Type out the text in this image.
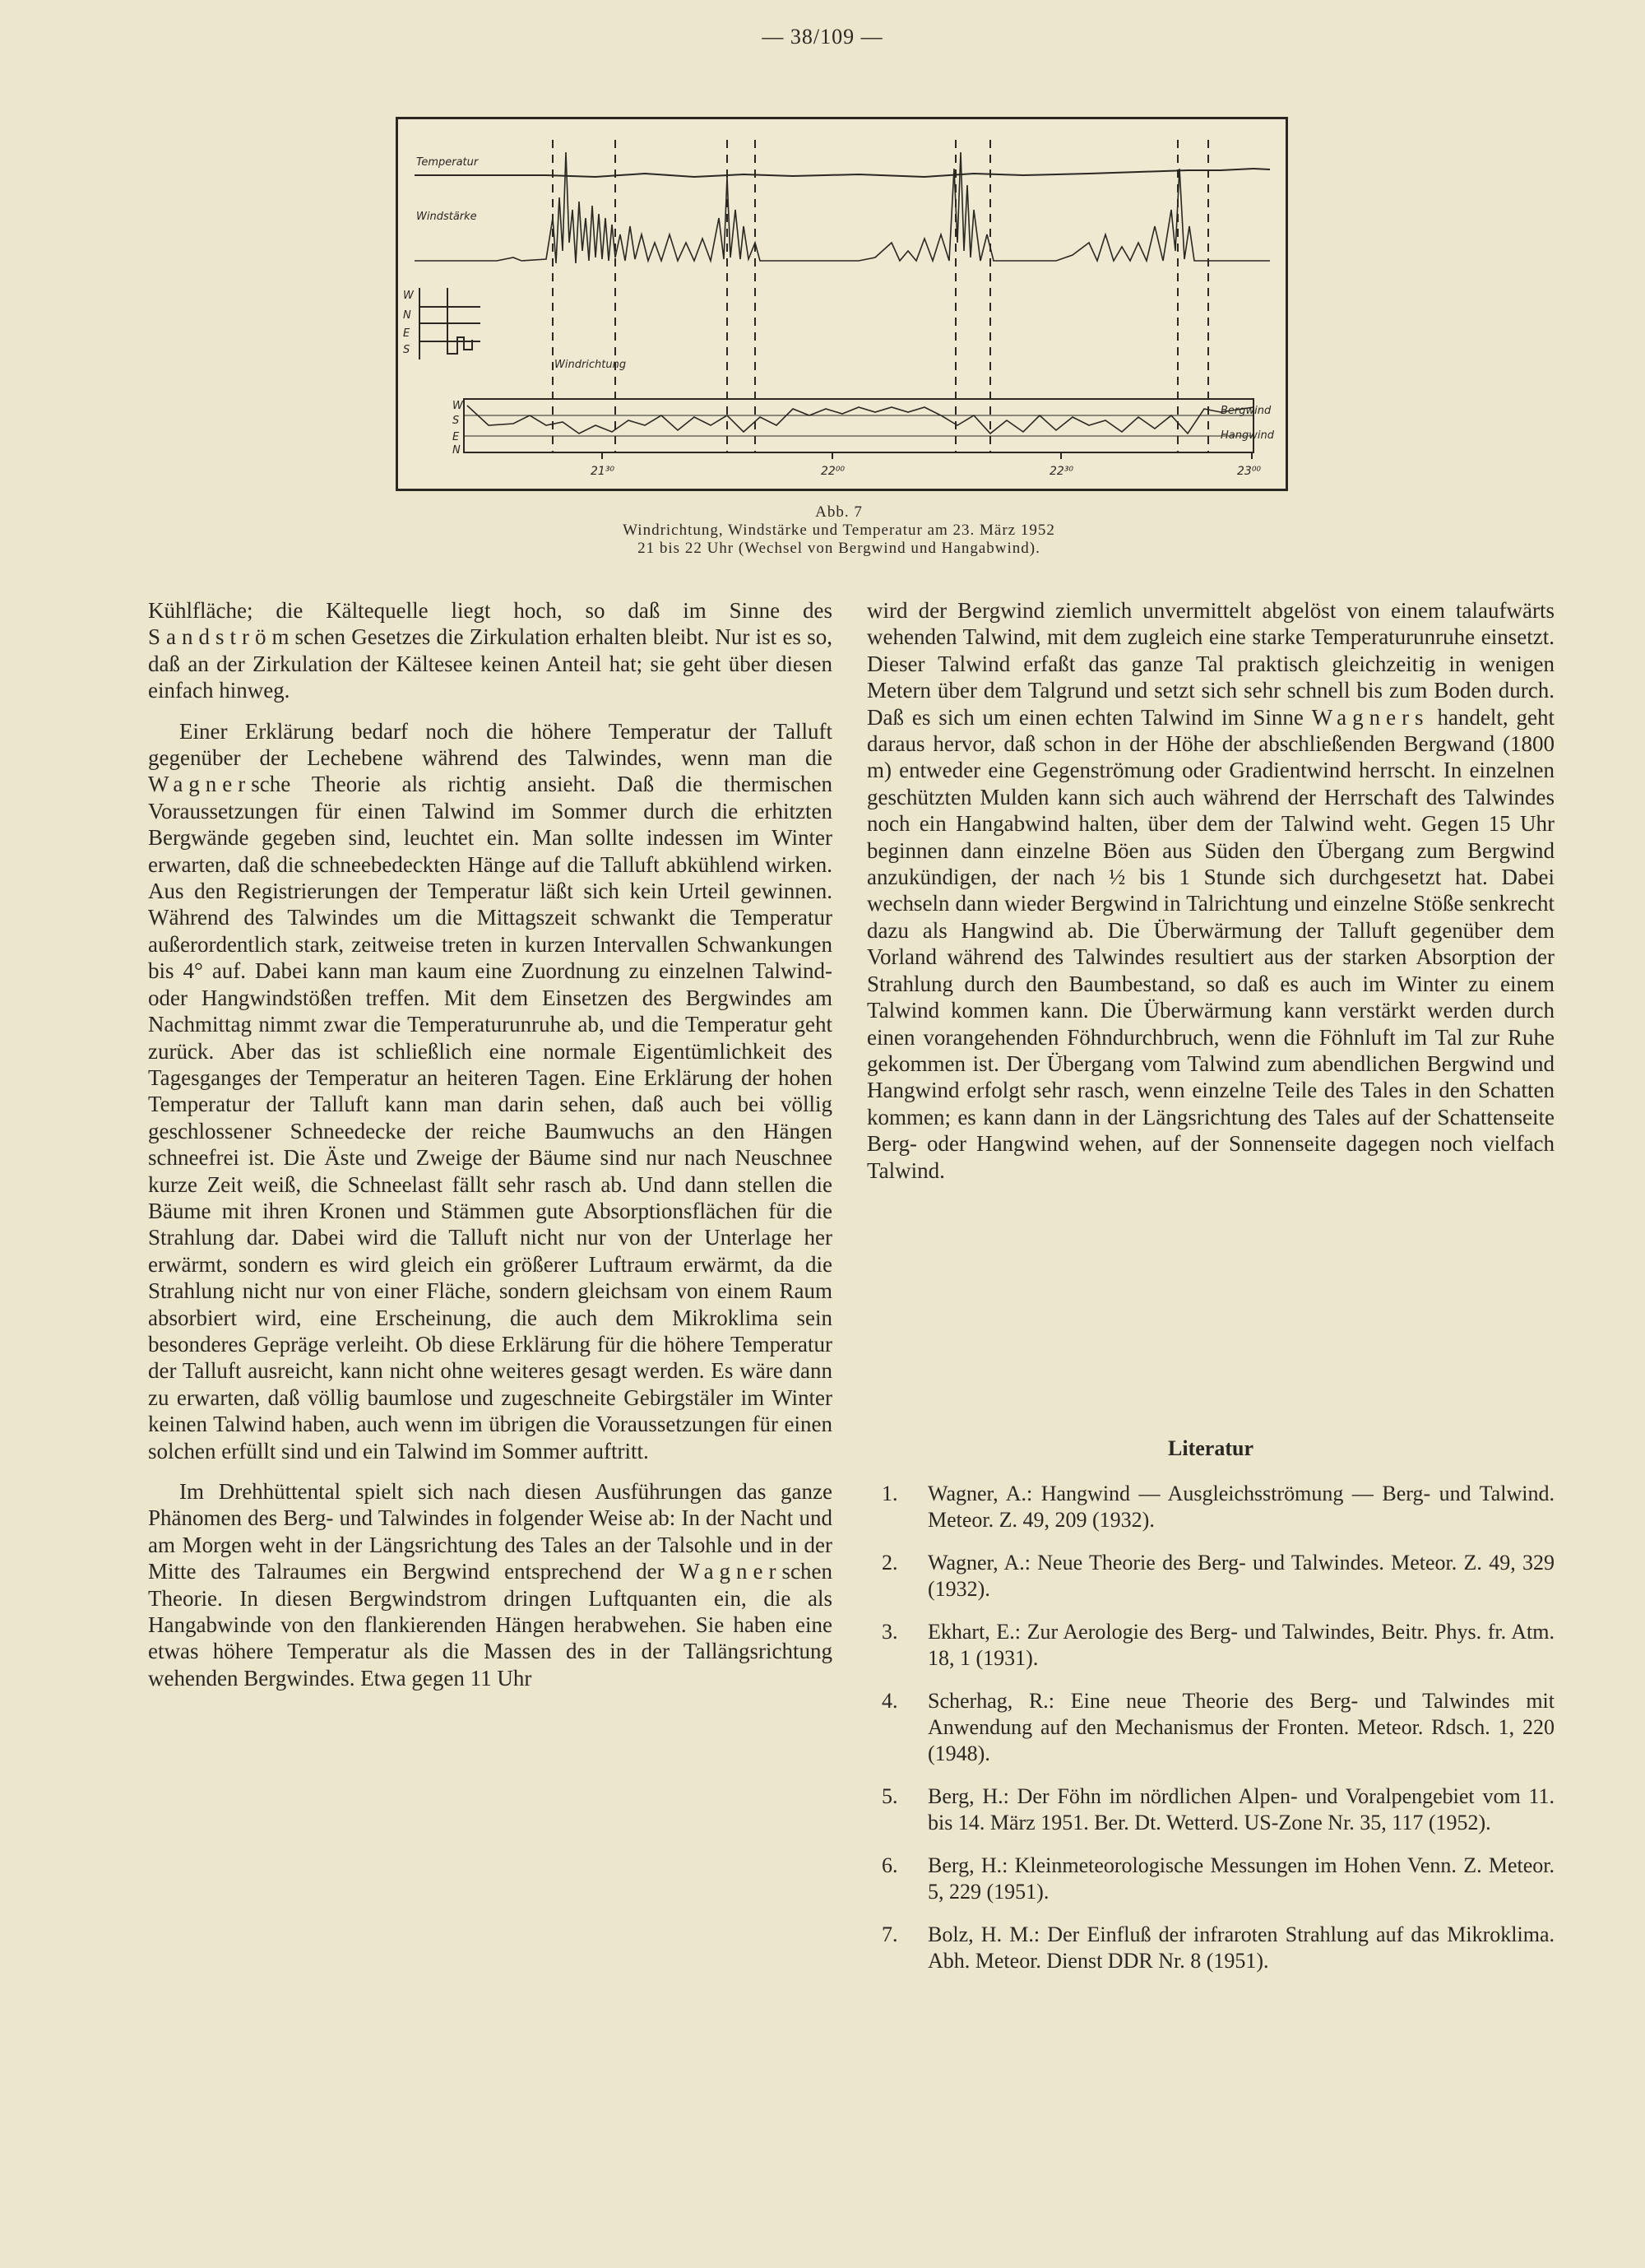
— 38/109 —
Temperatur
Windstärke
Windrichtung
W
N
E
S
W
S
E
N
Bergwind
Hangwind
21³⁰	22⁰⁰	22³⁰	23⁰⁰
Abb. 7
Windrichtung, Windstärke und Temperatur am 23. März 1952
21 bis 22 Uhr (Wechsel von Bergwind und Hangabwind).

Kühlfläche; die Kältequelle liegt hoch, so daß im Sinne des Sandströmschen Gesetzes die Zirkulation erhalten bleibt. Nur ist es so, daß an der Zirkulation der Kältesee keinen Anteil hat; sie geht über diesen einfach hinweg.

Einer Erklärung bedarf noch die höhere Temperatur der Talluft gegenüber der Lechebene während des Talwindes, wenn man die Wagnersche Theorie als richtig ansieht. Daß die thermischen Voraussetzungen für einen Talwind im Sommer durch die erhitzten Bergwände gegeben sind, leuchtet ein. Man sollte indessen im Winter erwarten, daß die schneebedeckten Hänge auf die Talluft abkühlend wirken. Aus den Registrierungen der Temperatur läßt sich kein Urteil gewinnen. Während des Talwindes um die Mittagszeit schwankt die Temperatur außerordentlich stark, zeitweise treten in kurzen Intervallen Schwankungen bis 4° auf. Dabei kann man kaum eine Zuordnung zu einzelnen Talwind- oder Hangwindstößen treffen. Mit dem Einsetzen des Bergwindes am Nachmittag nimmt zwar die Temperaturunruhe ab, und die Temperatur geht zurück. Aber das ist schließlich eine normale Eigentümlichkeit des Tagesganges der Temperatur an heiteren Tagen. Eine Erklärung der hohen Temperatur der Talluft kann man darin sehen, daß auch bei völlig geschlossener Schneedecke der reiche Baumwuchs an den Hängen schneefrei ist. Die Äste und Zweige der Bäume sind nur nach Neuschnee kurze Zeit weiß, die Schneelast fällt sehr rasch ab. Und dann stellen die Bäume mit ihren Kronen und Stämmen gute Absorptionsflächen für die Strahlung dar. Dabei wird die Talluft nicht nur von der Unterlage her erwärmt, sondern es wird gleich ein größerer Luftraum erwärmt, da die Strahlung nicht nur von einer Fläche, sondern gleichsam von einem Raum absorbiert wird, eine Erscheinung, die auch dem Mikroklima sein besonderes Gepräge verleiht. Ob diese Erklärung für die höhere Temperatur der Talluft ausreicht, kann nicht ohne weiteres gesagt werden. Es wäre dann zu erwarten, daß völlig baumlose und zugeschneite Gebirgstäler im Winter keinen Talwind haben, auch wenn im übrigen die Voraussetzungen für einen solchen erfüllt sind und ein Talwind im Sommer auftritt.

Im Drehhüttental spielt sich nach diesen Ausführungen das ganze Phänomen des Berg- und Talwindes in folgender Weise ab: In der Nacht und am Morgen weht in der Längsrichtung des Tales an der Talsohle und in der Mitte des Talraumes ein Bergwind entsprechend der Wagnerschen Theorie. In diesen Bergwindstrom dringen Luftquanten ein, die als Hangabwinde von den flankierenden Hängen herabwehen. Sie haben eine etwas höhere Temperatur als die Massen des in der Tallängsrichtung wehenden Bergwindes. Etwa gegen 11 Uhr

wird der Bergwind ziemlich unvermittelt abgelöst von einem talaufwärts wehenden Talwind, mit dem zugleich eine starke Temperaturunruhe einsetzt. Dieser Talwind erfaßt das ganze Tal praktisch gleichzeitig in wenigen Metern über dem Talgrund und setzt sich sehr schnell bis zum Boden durch. Daß es sich um einen echten Talwind im Sinne Wagners handelt, geht daraus hervor, daß schon in der Höhe der abschließenden Bergwand (1800 m) entweder eine Gegenströmung oder Gradientwind herrscht. In einzelnen geschützten Mulden kann sich auch während der Herrschaft des Talwindes noch ein Hangabwind halten, über dem der Talwind weht. Gegen 15 Uhr beginnen dann einzelne Böen aus Süden den Übergang zum Bergwind anzukündigen, der nach ½ bis 1 Stunde sich durchgesetzt hat. Dabei wechseln dann wieder Bergwind in Talrichtung und einzelne Stöße senkrecht dazu als Hangwind ab. Die Überwärmung der Talluft gegenüber dem Vorland während des Talwindes resultiert aus der starken Absorption der Strahlung durch den Baumbestand, so daß es auch im Winter zu einem Talwind kommen kann. Die Überwärmung kann verstärkt werden durch einen vorangehenden Föhndurchbruch, wenn die Föhnluft im Tal zur Ruhe gekommen ist. Der Übergang vom Talwind zum abendlichen Bergwind und Hangwind erfolgt sehr rasch, wenn einzelne Teile des Tales in den Schatten kommen; es kann dann in der Längsrichtung des Tales auf der Schattenseite Berg- oder Hangwind wehen, auf der Sonnenseite dagegen noch vielfach Talwind.

Literatur
1. Wagner, A.: Hangwind — Ausgleichsströmung — Berg- und Talwind. Meteor. Z. 49, 209 (1932).
2. Wagner, A.: Neue Theorie des Berg- und Talwindes. Meteor. Z. 49, 329 (1932).
3. Ekhart, E.: Zur Aerologie des Berg- und Talwindes, Beitr. Phys. fr. Atm. 18, 1 (1931).
4. Scherhag, R.: Eine neue Theorie des Berg- und Talwindes mit Anwendung auf den Mechanismus der Fronten. Meteor. Rdsch. 1, 220 (1948).
5. Berg, H.: Der Föhn im nördlichen Alpen- und Voralpengebiet vom 11. bis 14. März 1951. Ber. Dt. Wetterd. US-Zone Nr. 35, 117 (1952).
6. Berg, H.: Kleinmeteorologische Messungen im Hohen Venn. Z. Meteor. 5, 229 (1951).
7. Bolz, H. M.: Der Einfluß der infraroten Strahlung auf das Mikroklima. Abh. Meteor. Dienst DDR Nr. 8 (1951).
